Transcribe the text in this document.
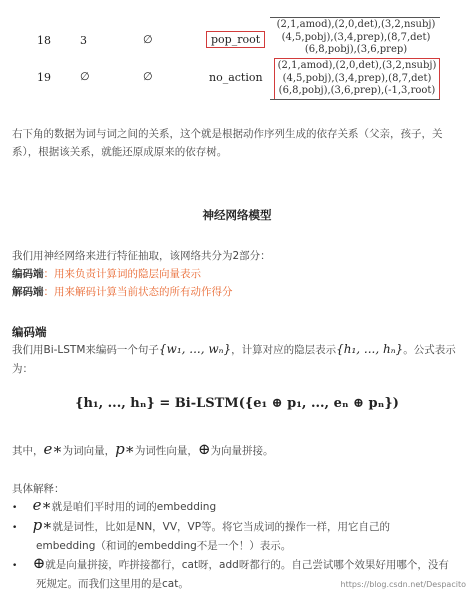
18	3	∅	pop_root
(2,1,amod),(2,0,det),(3,2,nsubj)
(4,5,pobj),(3,4,prep),(8,7,det)
(6,8,pobj),(3,6,prep)
19	∅	∅	no_action
(2,1,amod),(2,0,det),(3,2,nsubj)
(4,5,pobj),(3,4,prep),(8,7,det)
(6,8,pobj),(3,6,prep),(-1,3,root)
右下角的数据为词与词之间的关系，这个就是根据动作序列生成的依存关系（父亲，孩子，关
系），根据该关系，就能还原成原来的依存树。
神经网络模型
我们用神经网络来进行特征抽取，该网络共分为2部分：
编码端：用来负责计算词的隐层向量表示
解码端：用来解码计算当前状态的所有动作得分
编码端
我们用Bi-LSTM来编码一个句子{w₁, ..., wₙ}，计算对应的隐层表示{h₁, ..., hₙ}。公式表示
为：
{h₁, ..., hₙ} = Bi-LSTM({e₁ ⊕ p₁, ..., eₙ ⊕ pₙ})
其中，e∗为词向量，p∗为词性向量，⊕为向量拼接。
具体解释：
• e∗就是咱们平时用的词的embedding
• p∗就是词性，比如是NN，VV，VP等。将它当成词的操作一样，用它自己的
embedding（和词的embedding不是一个！）表示。
• ⊕就是向量拼接，咋拼接都行，cat呀，add呀都行的。自己尝试哪个效果好用哪个，没有
死规定。而我们这里用的是cat。	https://blog.csdn.net/Despacito
